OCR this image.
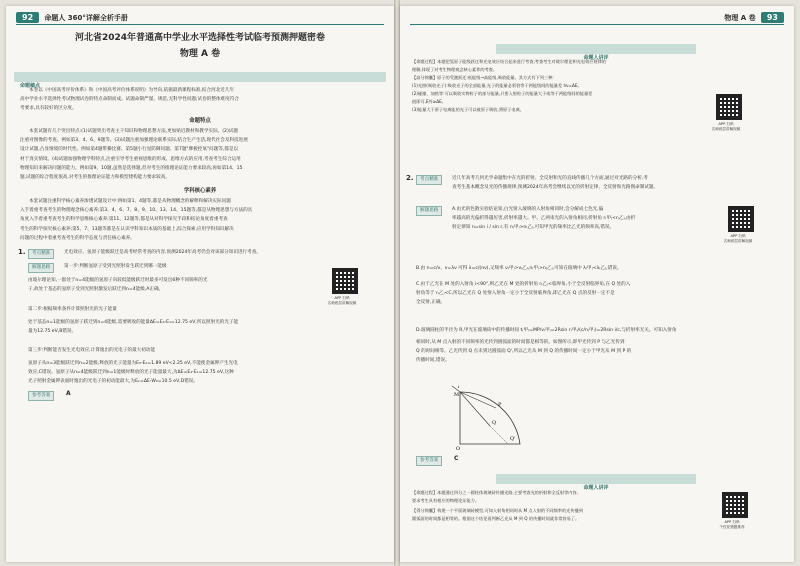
92 命题人 360°详解全析手册
河北省2024年普通高中学业水平选择性考试临考预测押题密卷
物理 A 卷
命题稿点
本卷以《中国高考评价体系》和《中国高考评价体系说明》为导向,依据最新课程标准,结合河北近几年
高中学业水平选择性考试物理试卷的特点命制而成。试题命制严谨、规范,无科学性问题;试卷的整体难度符合
考要求,具有较好的区分度。
命题特点
本套试题有几个突出特点:(1)试题突出考查主干知识和物理思想方法,更加贴近教材和教学实际。(2)试题
注重对图像的考查。例如第3、4、6、9题等。(3)试题注重加强理论联系实际,结合生产生活,现代社会及科技进展
设计试题,凸显情境的时代性。例如第4题带操比赛、第5题小行星防御问题、第7题"摩板控氧"问题等,都是以
材于真实情境。(4)试题加强物理学科特点,注重引导考生重视思维的形成、思维方式的应用,考查考生综合运用
物理知识来解决问题的能力。例如第9、10题,虽然是选择题,但对考生的推理论证能力要求较高;再如第14、15
题,试题的综合程度很高,对考生的推理论证能力和模型建构能力要求较高。
学科核心素养
本套试题注重科学核心素养渗透试题设计中:例如第1、4题等,都是从物理概念的解释和解决实际问题
入手着重考查考生的物理观念核心素养;第3、4、6、7、8、9、10、13、14、15题等,都是从物理思想与方法的具
角度入手着重考查考生的科学思维核心素养;第11、12题等,都是从对科学探究手段和结论角度着重考查
考生的科学探究核心素养;第5、7、13题等都是在认识学科知识本质的基础上,综合探索,应用学科知识解决
问题的过程中着重考查考生的科学态度与责任核心素养。
1.	考点精准	光电效应、氢原子能级跃迁是高考经常考查的内容,预测2024年高考仍会对该部分知识进行考查。
解题思路	第一步:判断氢原子受到光照射发生跃迁到哪一能级
APP 扫码
名师底层讲解视频
由玻尔理论知,一群处于n=4能级的氢原子向较低能级跃迁时最多可发出6种不同频率的光
子,故处于基态的氢原子受到光照射激发后跃迁到n=4能级,A正确。
第二步:根据频率条件计算照射光的光子能量
处于基态n=1能级的氢原子跃迁到n=4能级,需要吸收的能量ΔE=E₄-E₁=12.75 eV,所以照射光的光子能
量为12.75 eV,B错误。
第三步:判断能否发生光电效应,计算逸出的光电子的最大初动能
氢原子从n=3能级跃迁到n=2能级,释放的光子能量为E₃-E₂=1.89 eV<2.25 eV,不能使金属钾产生光电
效应,C错误。氢原子从n=4能级跃迁到n=1能级时释放的光子能量最大,为ΔE=E₄-E₁=12.75 eV,这种
光子照射金属钾表面时逸出的光电子的初动能最大,为Eₖ=ΔE-W₀=10.5 eV,D错误。
参考答案	A
物理 A 卷 93
命题人讲评
【命题过程】本题把氢原子能级跃迁和光电效应结合起来进行考查,考查考生对玻尔理论和光电效应规律的
理解,体现了对考生物理观念核心素养的考查。
【高分锦囊】原子的受激跃迁:低能级→高能级,吸收能量。其方式有下列三种:
(1)光照(吸收光子):吸收光子的全部能量,光子的能量必须恰等于两能级间的能量差 hν=ΔE。
(2)碰撞、加热等:可以吸收实物粒子的部分能量,只要入射粒子的能量大于或等于两能级间的能量差
值即可,E外≥ΔE。
(3)能量大于原子电离能的光子可以被原子吸收,将原子电离。
APP 扫码
名师底层讲解视频
2.	考点精准	近几年高考几何光学命题集中在光的折射、全反射和光的直线传播几个方面,通过对光路的分析,考
查考生基本概念及光的传播规律,预测2024年高考会继续以光的折射定律、全反射和光路图命制试题。
解题思路	A.由光的色散实验结论知,白光射入玻璃的入射角相同时,会分解成七色光,偏
率越高的光偏折得越厉害,折射率越大。甲、乙两束光的入射角相同,折射角 r₍甲₎<r₍乙₎,由折
射定律知 n=sin i / sin r,有 n₍甲₎>n₍乙₎,可知甲光的频率比乙光的频率高,错误。
APP 扫码
名师底层讲解视频
B.由 n=c/v、v=λν 可得 λ=c/(nν),又频率 ν₍甲₎>ν₍乙₎,n₍甲₎>n₍乙₎,可知在玻璃中 λ₍甲₎<λ₍乙₎,错误。
C.由于乙光在 M 处的入射角 i<90°,则乙光在 M 处的折射角 r₍乙₎<临界角,小于全反射临界角,在 Q 处的入
射角等于 r₍乙₎<C,所以乙光在 Q 处射入射角一定小于全反射临界角,即乙光在 Q 点的反射一定不是
全反射,正确。
D.玻璃圆柱的半径为 R,甲光在玻璃砖中的传播时间 t₍甲₎=MP/v₍甲₎=2Rsin r₍甲₎/(c/n₍甲₎)=2Rsin i/c,与折射率无关。可知入射角
相同时,从 M 点入射的不同频率的光传到圆弧面的时间都是相等的。如图所示,即甲光传到 P 与乙光传到
Q 的时间相等。乙光传到 Q 点未到达圆弧面 Q',所以乙光从 M 到 Q 的传播时间一定小于甲光从 M 到 P 的
传播时间,错误。
M
P
Q
Q'
i
O
参考答案	C
命题人讲评
【命题过程】本题通过四分之一圆柱体玻璃砖传播光路,主要考查光的折射和全反射等内容,
要求考生具有相应的物理论证能力。
【得分锦囊】构建一个平面玻璃砖模型,可知入射角相同时从 M 点入射的不同频率的光传播到
圆弧面的时间都是相等的。根据这个结论再判断乙光从 M 到 Q 的传播时间就非常容易了。
APP 扫码
个性化错题推荐
